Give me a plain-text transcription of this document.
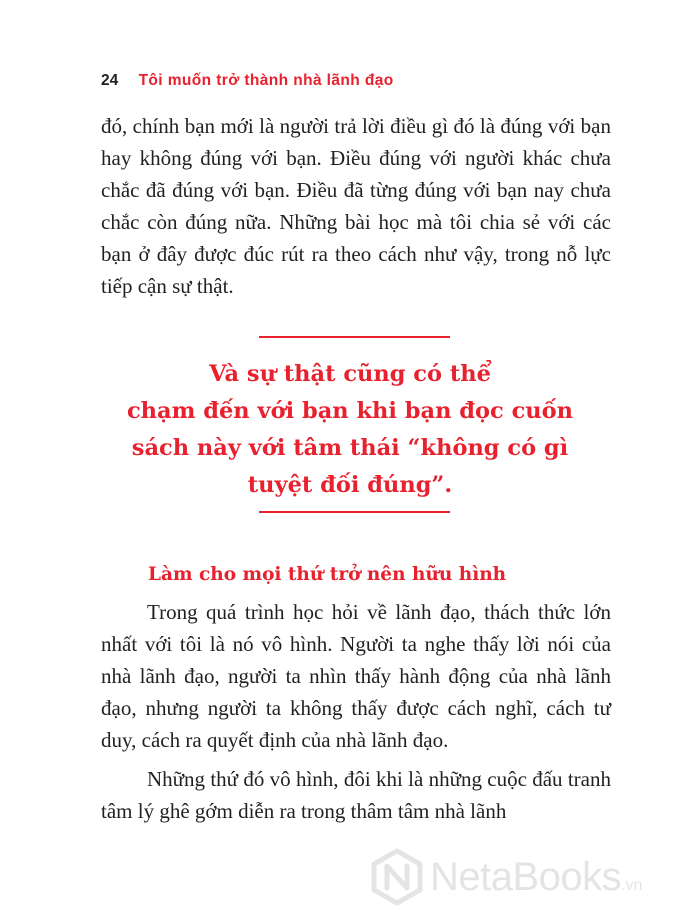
24 Tôi muốn trở thành nhà lãnh đạo

đó, chính bạn mới là người trả lời điều gì đó là đúng với bạn hay không đúng với bạn. Điều đúng với người khác chưa chắc đã đúng với bạn. Điều đã từng đúng với bạn nay chưa chắc còn đúng nữa. Những bài học mà tôi chia sẻ với các bạn ở đây được đúc rút ra theo cách như vậy, trong nỗ lực tiếp cận sự thật.

Và sự thật cũng có thể
chạm đến với bạn khi bạn đọc cuốn
sách này với tâm thái “không có gì
tuyệt đối đúng”.
Làm cho mọi thứ trở nên hữu hình

Trong quá trình học hỏi về lãnh đạo, thách thức lớn nhất với tôi là nó vô hình. Người ta nghe thấy lời nói của nhà lãnh đạo, người ta nhìn thấy hành động của nhà lãnh đạo, nhưng người ta không thấy được cách nghĩ, cách tư duy, cách ra quyết định của nhà lãnh đạo.

Những thứ đó vô hình, đôi khi là những cuộc đấu tranh tâm lý ghê gớm diễn ra trong thâm tâm nhà lãnh

NetaBooks.vn
